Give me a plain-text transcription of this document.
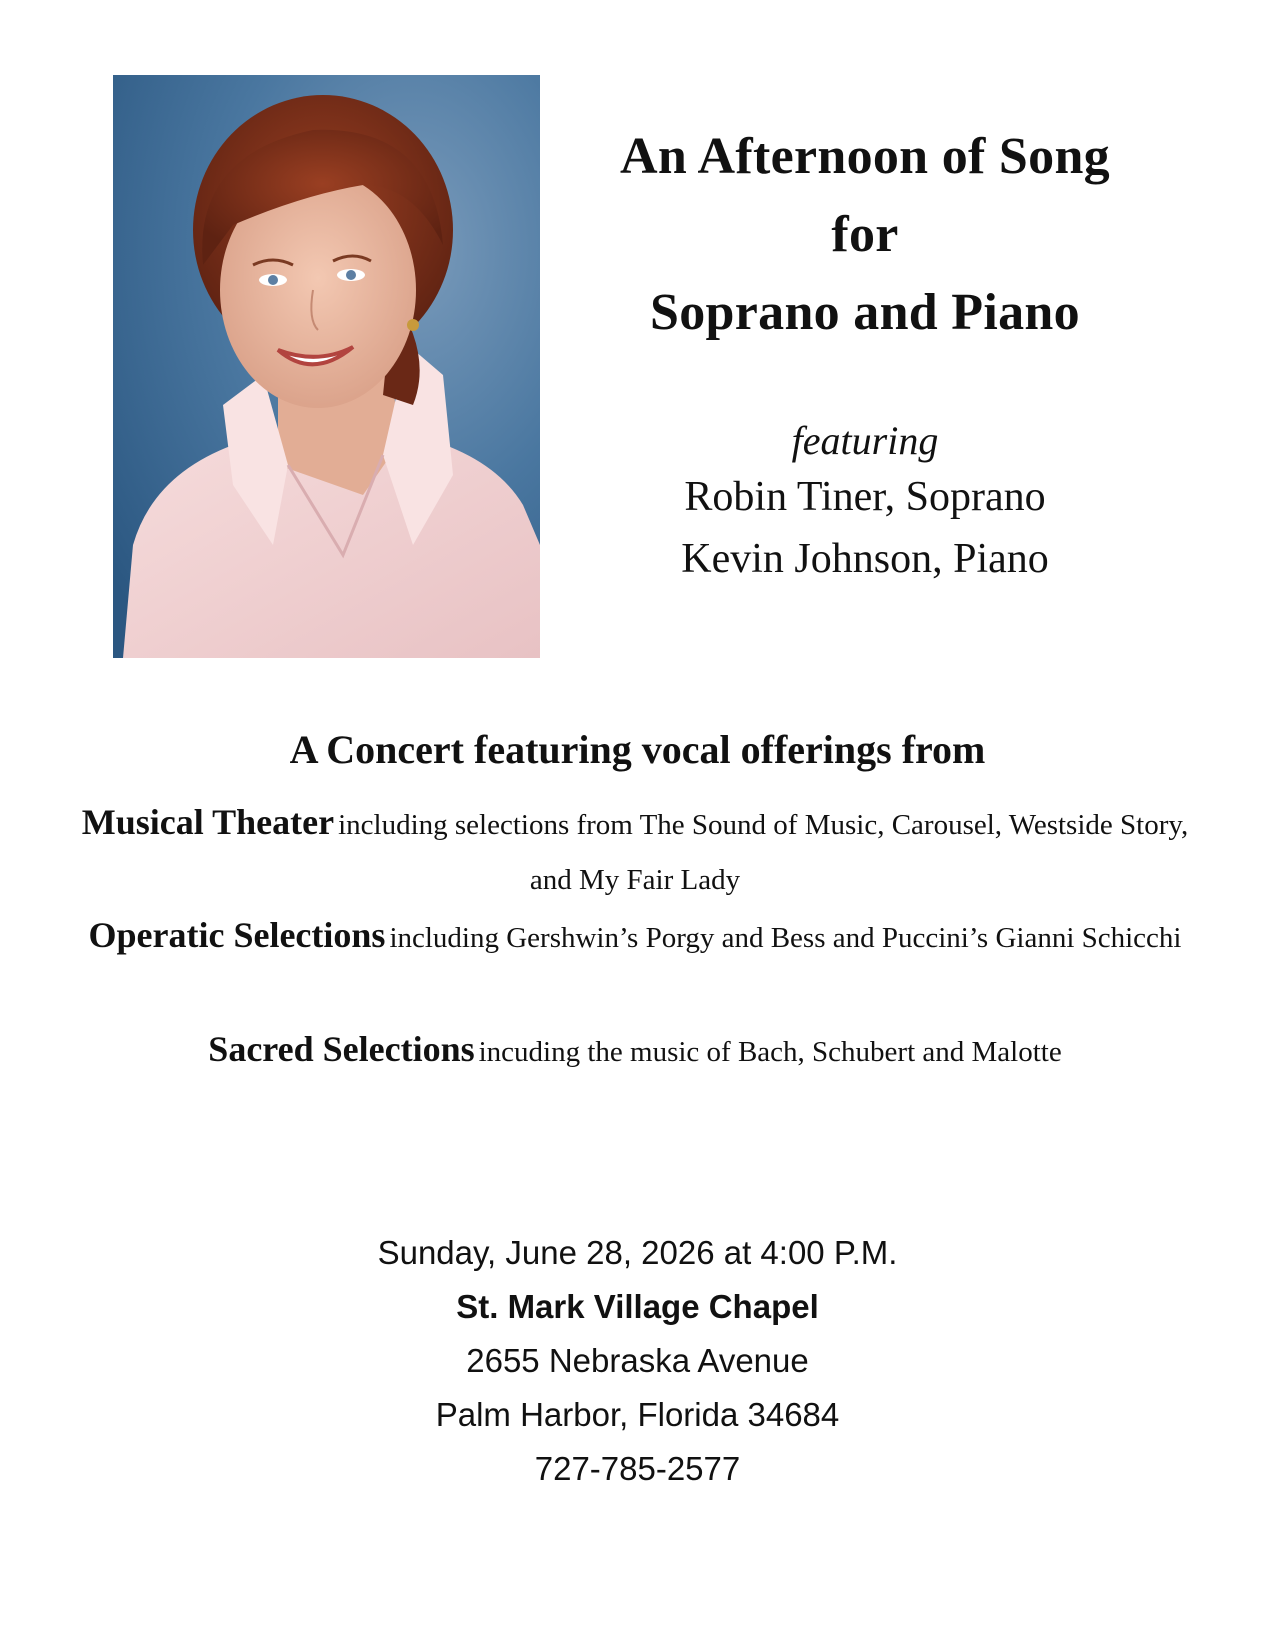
An Afternoon of Song
for
Soprano and Piano
featuring
Robin Tiner, Soprano
Kevin Johnson, Piano
A Concert featuring vocal offerings from
Musical Theater including selections from The Sound of Music, Carousel, Westside Story, and My Fair Lady
Operatic Selections including Gershwin’s Porgy and Bess and Puccini’s Gianni Schicchi
Sacred Selections incuding the music of Bach, Schubert and Malotte
Sunday, June 28, 2026 at 4:00 P.M.
St. Mark Village Chapel
2655 Nebraska Avenue
Palm Harbor, Florida 34684
727-785-2577
